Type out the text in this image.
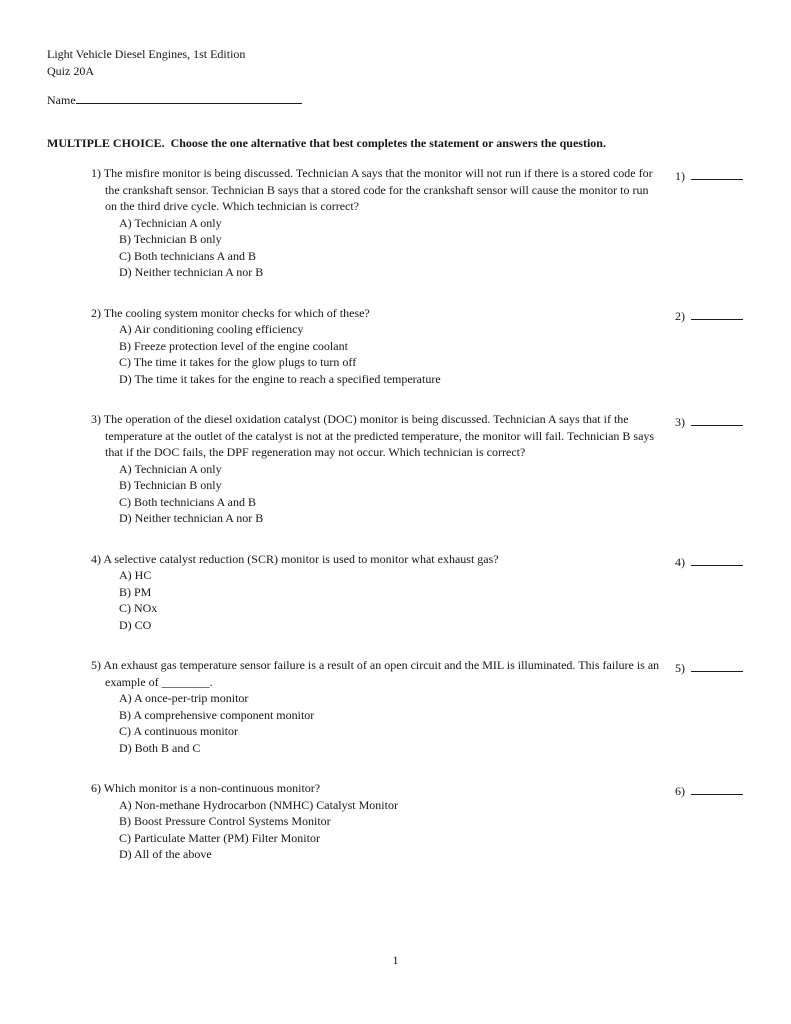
Light Vehicle Diesel Engines, 1st Edition
Quiz 20A
Name
MULTIPLE CHOICE.  Choose the one alternative that best completes the statement or answers the question.
1) The misfire monitor is being discussed. Technician A says that the monitor will not run if there is a stored code for the crankshaft sensor. Technician B says that a stored code for the crankshaft sensor will cause the monitor to run on the third drive cycle. Which technician is correct?
A) Technician A only
B) Technician B only
C) Both technicians A and B
D) Neither technician A nor B
1)
2) The cooling system monitor checks for which of these?
A) Air conditioning cooling efficiency
B) Freeze protection level of the engine coolant
C) The time it takes for the glow plugs to turn off
D) The time it takes for the engine to reach a specified temperature
2)
3) The operation of the diesel oxidation catalyst (DOC) monitor is being discussed. Technician A says that if the temperature at the outlet of the catalyst is not at the predicted temperature, the monitor will fail. Technician B says that if the DOC fails, the DPF regeneration may not occur. Which technician is correct?
A) Technician A only
B) Technician B only
C) Both technicians A and B
D) Neither technician A nor B
3)
4) A selective catalyst reduction (SCR) monitor is used to monitor what exhaust gas?
A) HC
B) PM
C) NOx
D) CO
4)
5) An exhaust gas temperature sensor failure is a result of an open circuit and the MIL is illuminated. This failure is an example of ________.
A) A once-per-trip monitor
B) A comprehensive component monitor
C) A continuous monitor
D) Both B and C
5)
6) Which monitor is a non-continuous monitor?
A) Non-methane Hydrocarbon (NMHC) Catalyst Monitor
B) Boost Pressure Control Systems Monitor
C) Particulate Matter (PM) Filter Monitor
D) All of the above
6)
1
